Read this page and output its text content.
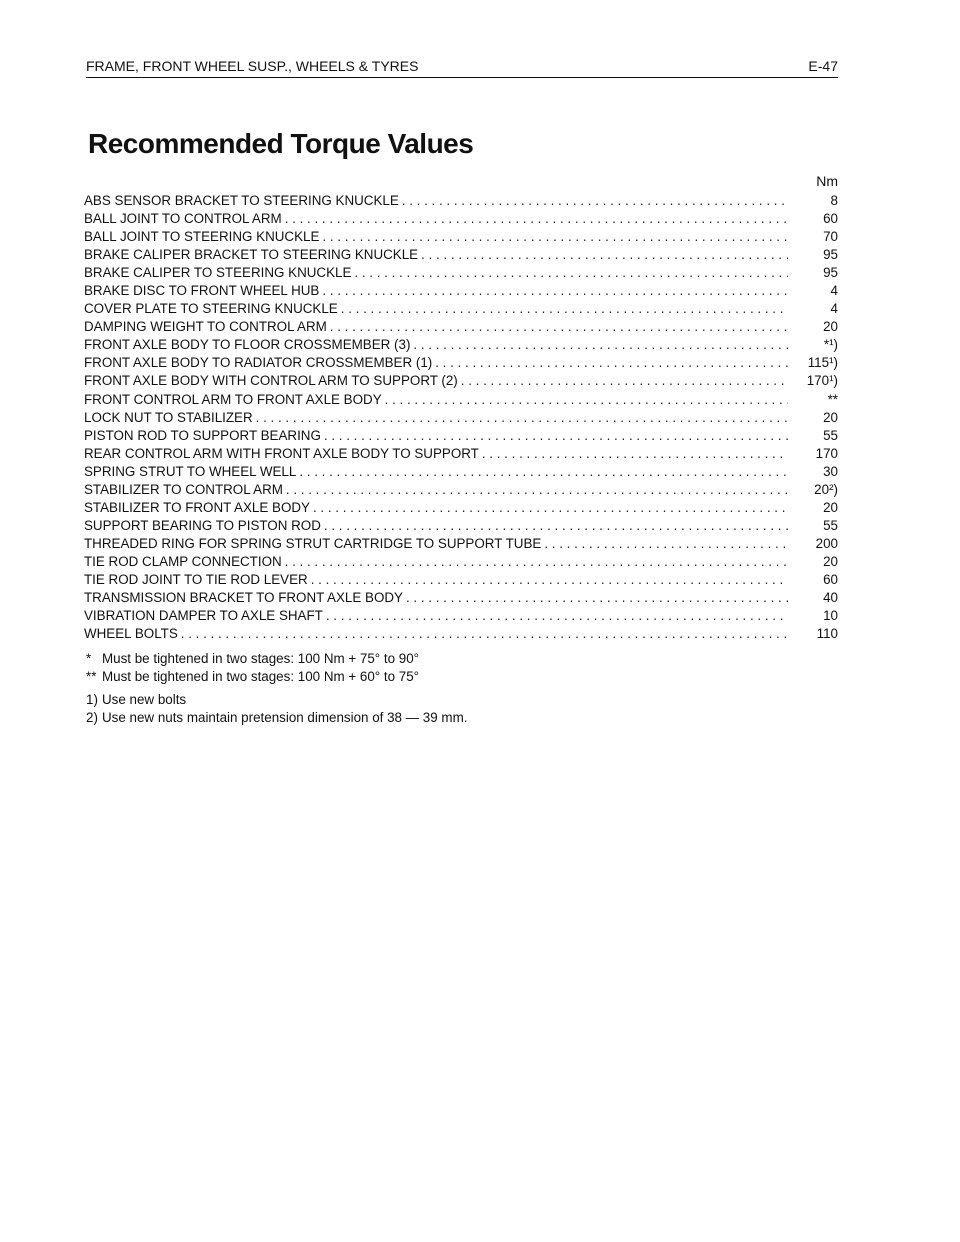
FRAME, FRONT WHEEL SUSP., WHEELS & TYRES	E-47
Recommended Torque Values
Nm
ABS SENSOR BRACKET TO STEERING KNUCKLE . . .	8
BALL JOINT TO CONTROL ARM . . .	60
BALL JOINT TO STEERING KNUCKLE . . .	70
BRAKE CALIPER BRACKET TO STEERING KNUCKLE . . .	95
BRAKE CALIPER TO STEERING KNUCKLE . . .	95
BRAKE DISC TO FRONT WHEEL HUB . . .	4
COVER PLATE TO STEERING KNUCKLE . . .	4
DAMPING WEIGHT TO CONTROL ARM . . .	20
FRONT AXLE BODY TO FLOOR CROSSMEMBER (3) . . .	*¹)
FRONT AXLE BODY TO RADIATOR CROSSMEMBER (1) . . .	115¹)
FRONT AXLE BODY WITH CONTROL ARM TO SUPPORT (2) . . .	170¹)
FRONT CONTROL ARM TO FRONT AXLE BODY . . .	**
LOCK NUT TO STABILIZER . . .	20
PISTON ROD TO SUPPORT BEARING . . .	55
REAR CONTROL ARM WITH FRONT AXLE BODY TO SUPPORT . . .	170
SPRING STRUT TO WHEEL WELL . . .	30
STABILIZER TO CONTROL ARM . . .	20²)
STABILIZER TO FRONT AXLE BODY . . .	20
SUPPORT BEARING TO PISTON ROD . . .	55
THREADED RING FOR SPRING STRUT CARTRIDGE TO SUPPORT TUBE . . .	200
TIE ROD CLAMP CONNECTION . . .	20
TIE ROD JOINT TO TIE ROD LEVER . . .	60
TRANSMISSION BRACKET TO FRONT AXLE BODY . . .	40
VIBRATION DAMPER TO AXLE SHAFT . . .	10
WHEEL BOLTS . . .	110
* Must be tightened in two stages: 100 Nm + 75° to 90°
** Must be tightened in two stages: 100 Nm + 60° to 75°
1) Use new bolts
2) Use new nuts maintain pretension dimension of 38 — 39 mm.
